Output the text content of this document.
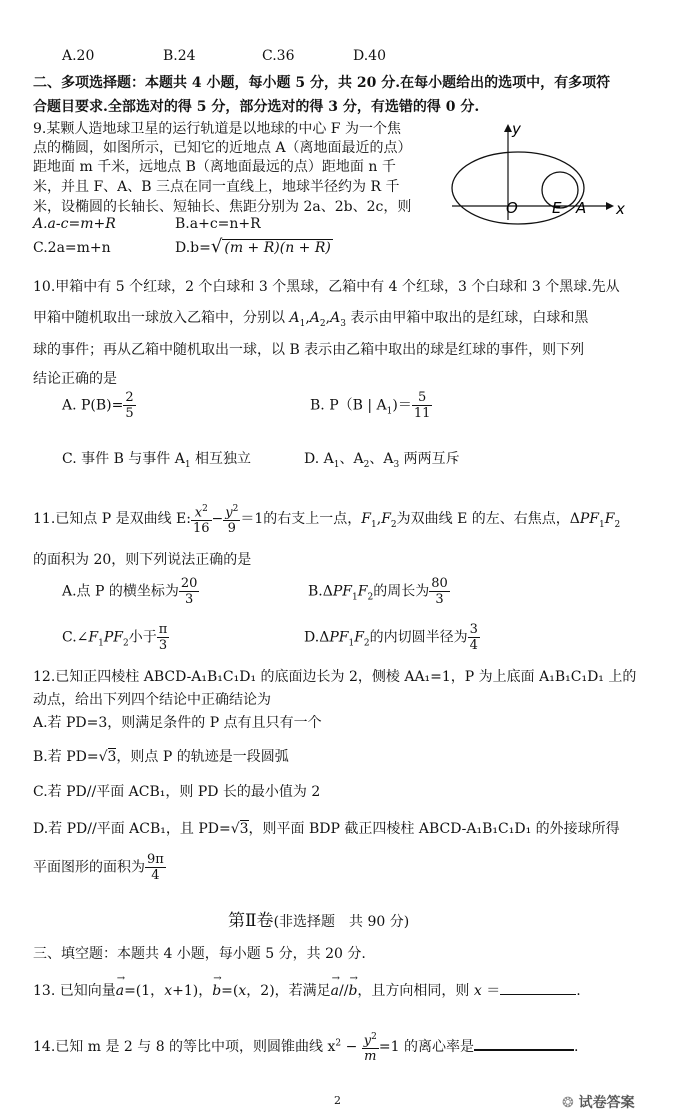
A.20	B.24	C.36	D.40
二、多项选择题：本题共 4 小题，每小题 5 分，共 20 分.在每小题给出的选项中，有多项符
合题目要求.全部选对的得 5 分，部分选对的得 3 分，有选错的得 0 分.
9.某颗人造地球卫星的运行轨道是以地球的中心 F 为一个焦
点的椭圆，如图所示，已知它的近地点 A（离地面最近的点）
距地面 m 千米，远地点 B（离地面最远的点）距地面 n 千
米，并且 F、A、B 三点在同一直线上，地球半径约为 R 千
米，设椭圆的长轴长、短轴长、焦距分别为 2a、2b、2c，则
A.a-c=m+R	B.a+c=n+R
C.2a=m+n	D.b=√ (m + R)(n + R)
y
O E A x
10.甲箱中有 5 个红球，2 个白球和 3 个黑球，乙箱中有 4 个红球，3 个白球和 3 个黑球.先从
甲箱中随机取出一球放入乙箱中，分别以 $A_1,A_2,A_3$ 表示由甲箱中取出的是红球，白球和黑
球的事件；再从乙箱中随机取出一球，以 B 表示由乙箱中取出的球是红球的事件，则下列
结论正确的是
A. $P(B)= \frac{2}{5}$	B. P（B | $A_1)= \frac{5}{11}$
C. 事件 B 与事件 $A_1$ 相互独立	D. $A_1$、$A_2$、$A_3$ 两两互斥
11.已知点 P 是双曲线 E: $\frac{x^2}{16} - \frac{y^2}{9} =1$的右支上一点，$F_1,F_2$为双曲线 E 的左、右焦点，$\Delta PF_1F_2$
的面积为 20，则下列说法正确的是
A.点 P 的横坐标为 $\frac{20}{3}$	$B.\Delta PF_1F_2$的周长为 $\frac{80}{3}$
$C.\angle F_1PF_2$小于 $\frac{\pi}{3}$	$D.\Delta PF_1F_2$的内切圆半径为 $\frac{3}{4}$
12.已知正四棱柱 ABCD-A₁B₁C₁D₁ 的底面边长为 2，侧棱 AA₁=1，P 为上底面 A₁B₁C₁D₁ 上的
动点，给出下列四个结论中正确结论为
A.若 PD=3，则满足条件的 P 点有且只有一个
B.若 PD=√3，则点 P 的轨迹是一段圆弧
C.若 PD//平面 ACB₁，则 PD 长的最小值为 2
D.若 PD//平面 ACB₁，且 PD=√3，则平面 BDP 截正四棱柱 ABCD-A₁B₁C₁D₁ 的外接球所得
平面图形的面积为 $\frac{9\pi}{4}$
第Ⅱ卷(非选择题　共 90 分)
三、填空题：本题共 4 小题，每小题 5 分，共 20 分.
13. 已知向量
→
a=(1，x+1)，
→
b=(x，2)，若满足
→
a//
→
b，且方向相同，则 x ＝	.
14.已知 m 是 2 与 8 的等比中项，则圆锥曲线 $x^2 - \frac{y^2}{m} =1$ 的离心率是	.
2	❂ 试卷答案
